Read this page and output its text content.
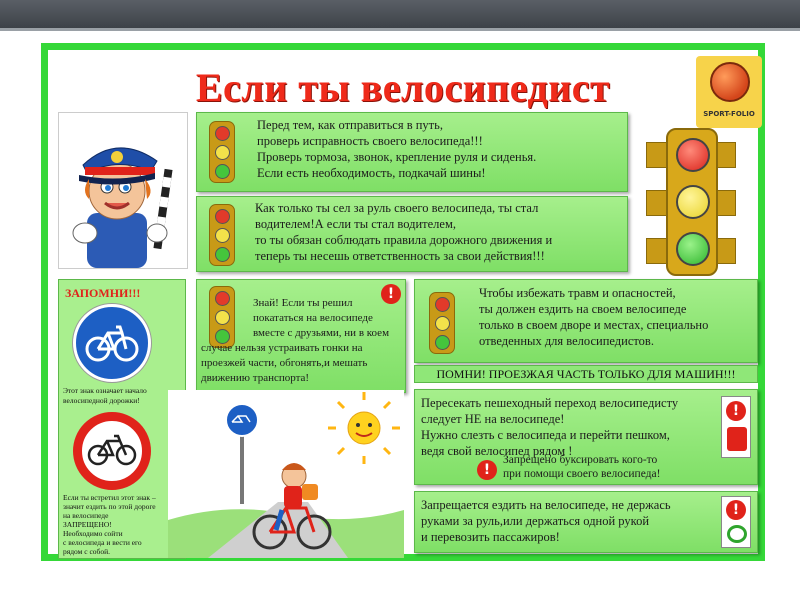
Если ты велосипедист
SPORT-FOLIO

Перед тем, как отправиться в путь,

проверь исправность своего велосипеда!!!

Проверь тормоза, звонок, крепление руля и сиденья.

Если есть необходимость, подкачай шины!

Как только ты сел за руль своего велосипеда, ты стал

водителем!А если ты стал водителем,

то ты обязан соблюдать правила дорожного движения и

теперь ты несешь ответственность за свои действия!!!

ЗАПОМНИ!!!

Этот знак означает начало

велосипедной дорожки!

Если ты встретил этот знак –

значит ездить по этой дороге

на велосипеде

ЗАПРЕЩЕНО!

Необходимо сойти

с велосипеда и вести его

рядом с собой.

!

Знай! Если ты решил

покататься на велосипеде

вместе с друзьями, ни в коем

случае нельзя устраивать гонки на

проезжей части, обгонять,и мешать

движению транспорта!

Чтобы избежать травм и опасностей,

ты должен ездить на своем велосипеде

только в своем дворе и местах, специально

отведенных для велосипедистов.

ПОМНИ! ПРОЕЗЖАЯ ЧАСТЬ ТОЛЬКО ДЛЯ МАШИН!!!

Пересекать пешеходный переход велосипедисту

следует НЕ на велосипеде!

Нужно слезть с велосипеда и перейти пешком,

ведя свой велосипед рядом !

!

Запрещено буксировать кого-то

при помощи своего велосипеда!

!

Запрещается ездить на велосипеде, не держась

руками за руль,или держаться одной рукой

и перевозить пассажиров!

!
